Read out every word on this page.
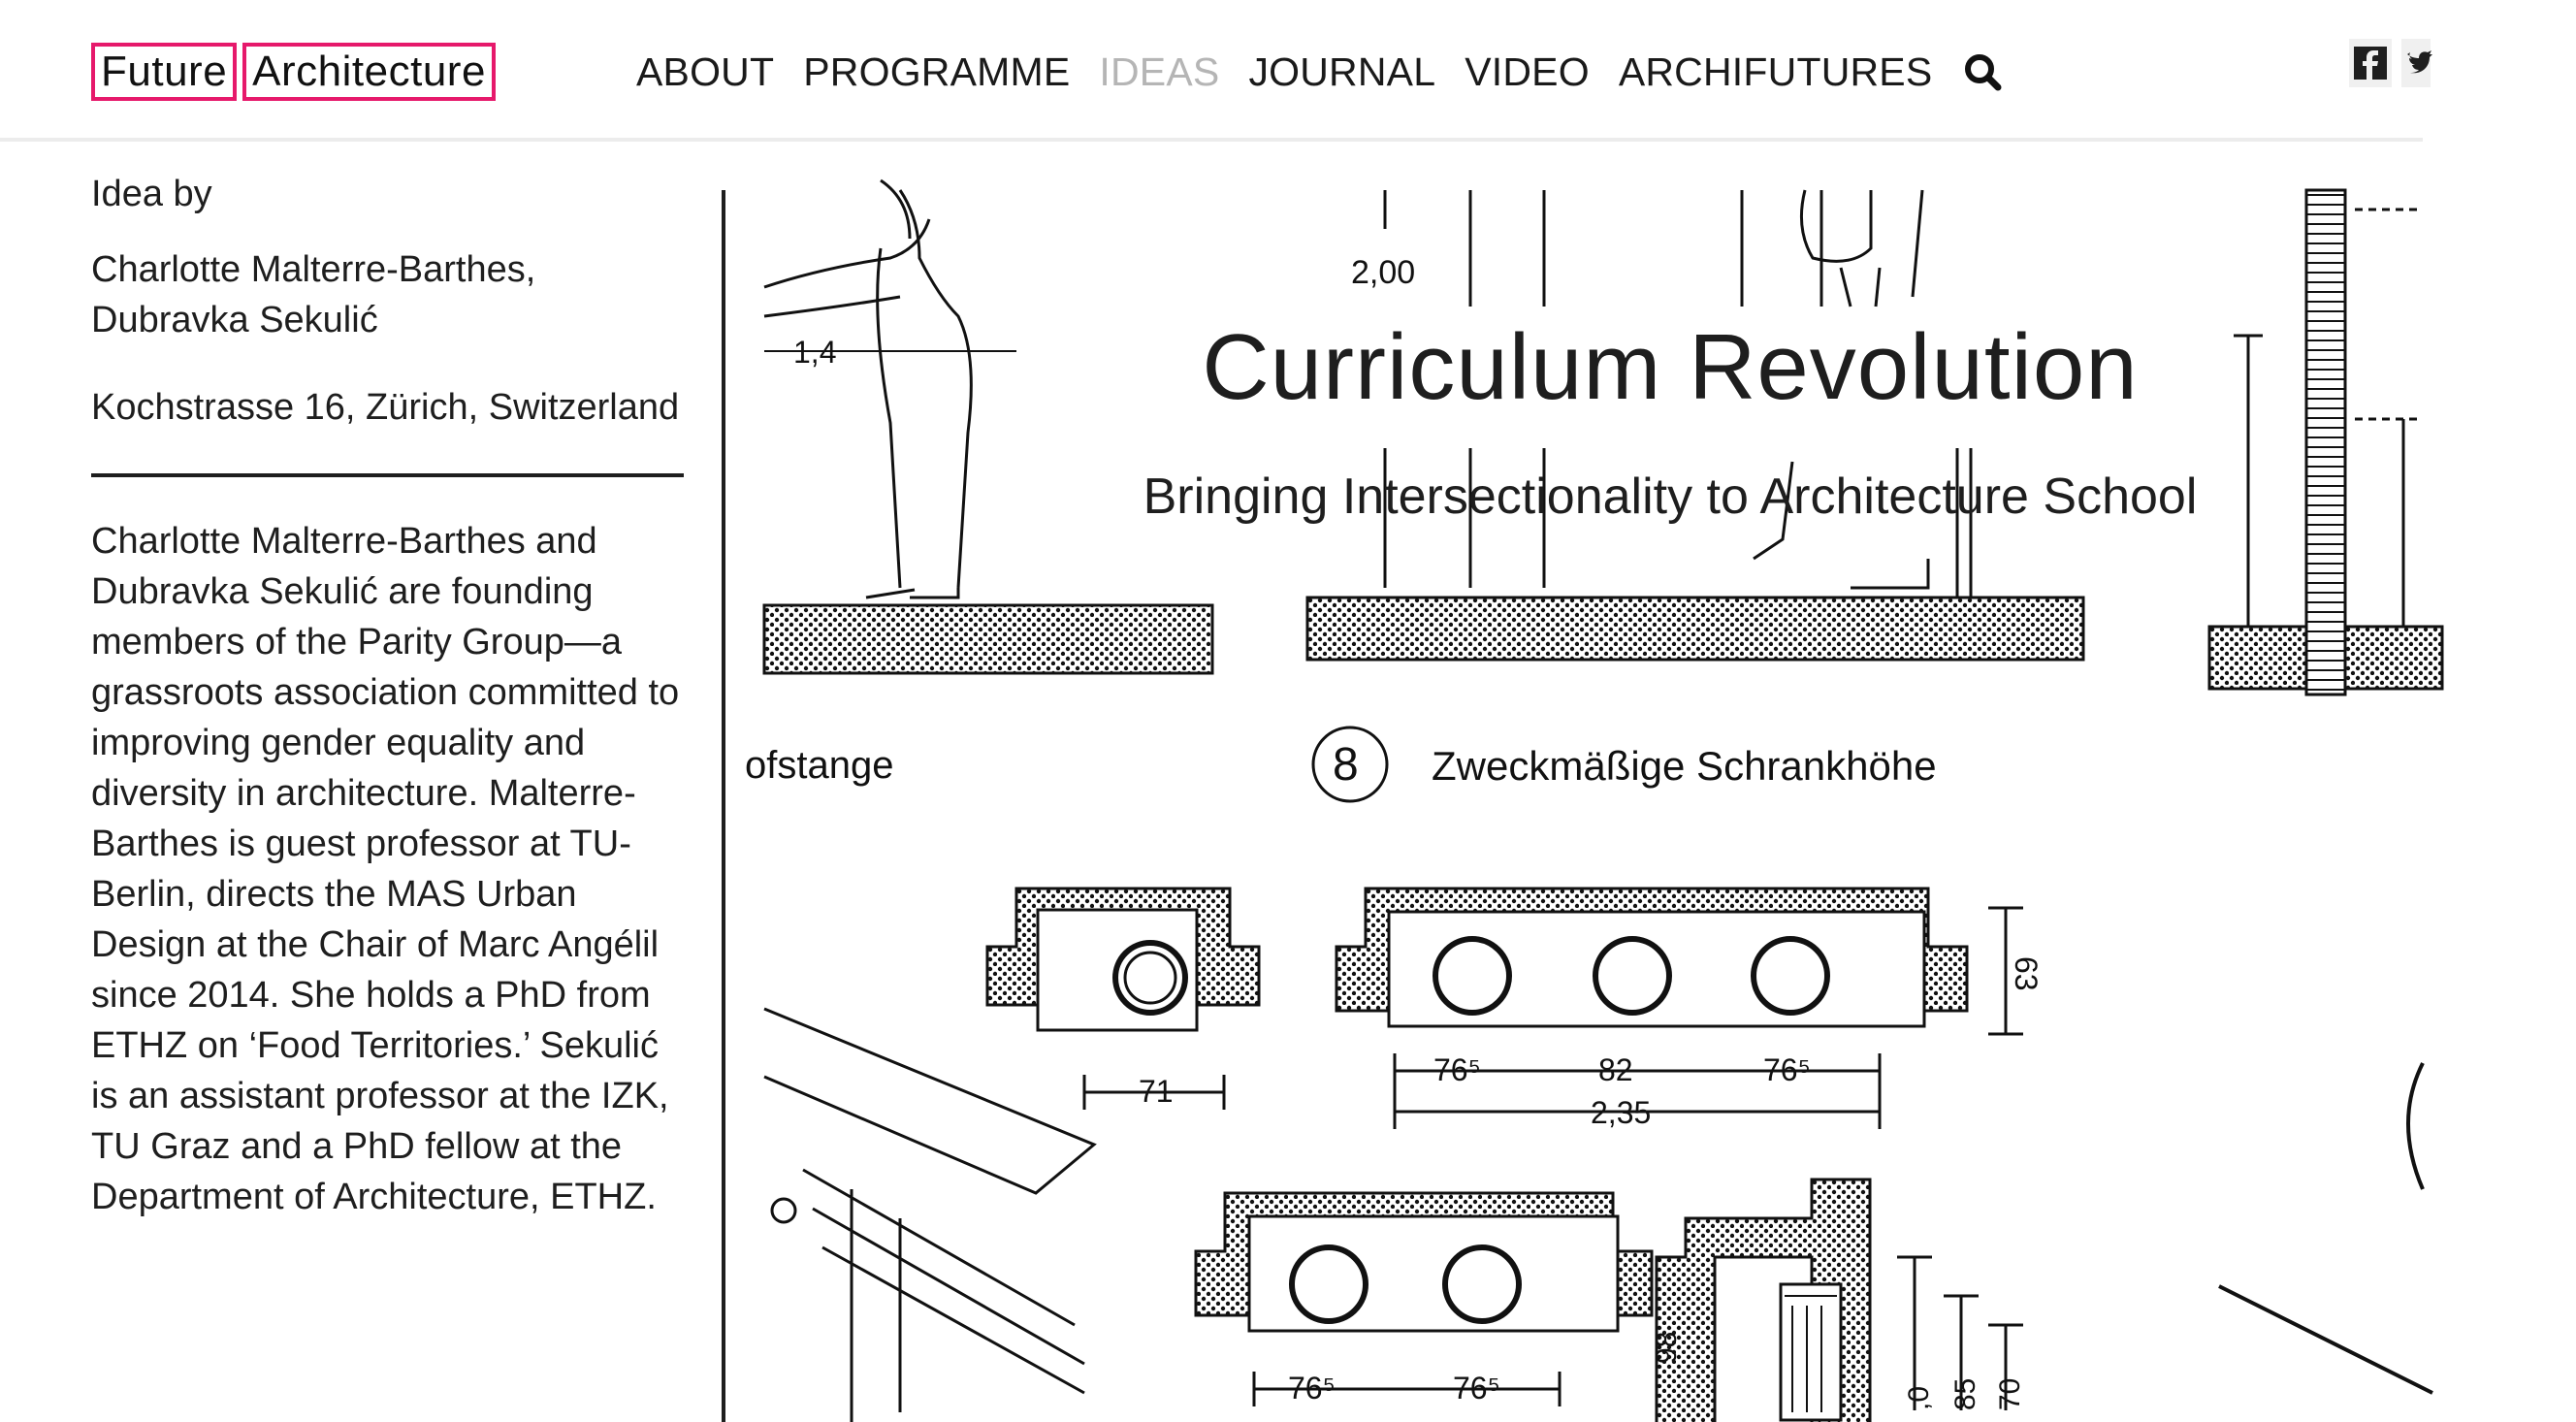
Future Architecture	ABOUT PROGRAMME IDEAS JOURNAL VIDEO ARCHIFUTURES
Idea by
Charlotte Malterre-Barthes, Dubravka Sekulić
Kochstrasse 16, Zürich, Switzerland
Charlotte Malterre-Barthes and Dubravka Sekulić are founding members of the Parity Group—a grassroots association committed to improving gender equality and diversity in architecture. Malterre-Barthes is guest professor at TU-Berlin, directs the MAS Urban Design at the Chair of Marc Angélil since 2014. She holds a PhD from ETHZ on ‘Food Territories.’ Sekulić is an assistant professor at the IZK, TU Graz and a PhD fellow at the Department of Architecture, ETHZ.
1,4
2,00
ofstange	8 Zweckmäßige Schrankhöhe
71
76⁵	82	76⁵
2,35
63
76⁵	76⁵
98
,0 85 70
Curriculum Revolution
Bringing Intersectionality to Architecture School
